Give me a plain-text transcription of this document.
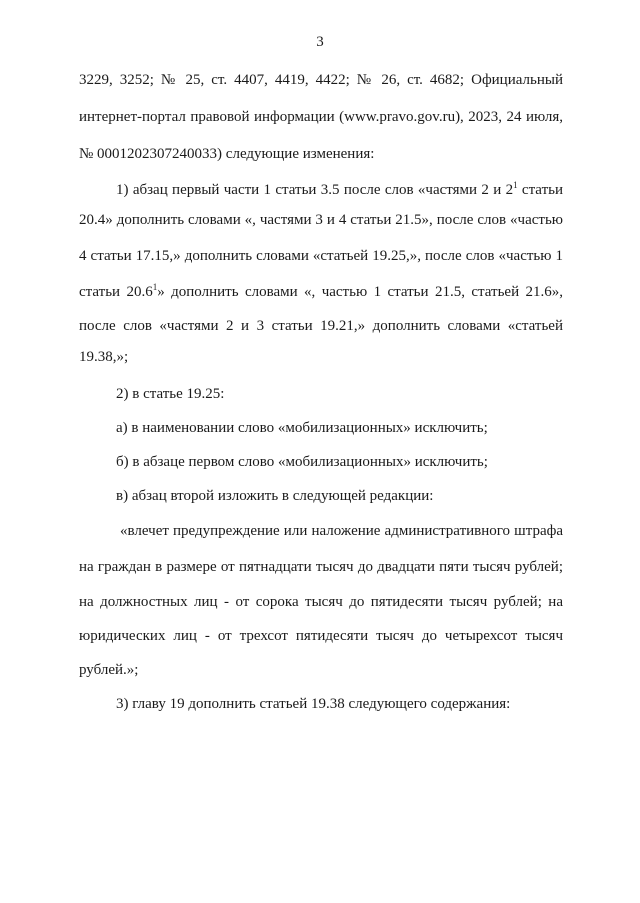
3
3229, 3252; № 25, ст. 4407, 4419, 4422; № 26, ст. 4682; Официальный
интернет-портал правовой информации (www.pravo.gov.ru), 2023, 24 июля,
№ 0001202307240033) следующие изменения:
1) абзац первый части 1 статьи 3.5 после слов «частями 2 и $2^1$ статьи
20.4» дополнить словами «, частями 3 и 4 статьи 21.5», после слов «частью
4 статьи 17.15,» дополнить словами «статьей 19.25,», после слов «частью 1
статьи 20.6$^1$» дополнить словами «, частью 1 статьи 21.5, статьей 21.6»,
после слов «частями 2 и 3 статьи 19.21,» дополнить словами «статьей
19.38,»;
2) в статье 19.25:
а) в наименовании слово «мобилизационных» исключить;
б) в абзаце первом слово «мобилизационных» исключить;
в) абзац второй изложить в следующей редакции:
«влечет предупреждение или наложение административного штрафа
на граждан в размере от пятнадцати тысяч до двадцати пяти тысяч рублей;
на должностных лиц - от сорока тысяч до пятидесяти тысяч рублей; на
юридических лиц - от трехсот пятидесяти тысяч до четырехсот тысяч
рублей.»;
3) главу 19 дополнить статьей 19.38 следующего содержания:
